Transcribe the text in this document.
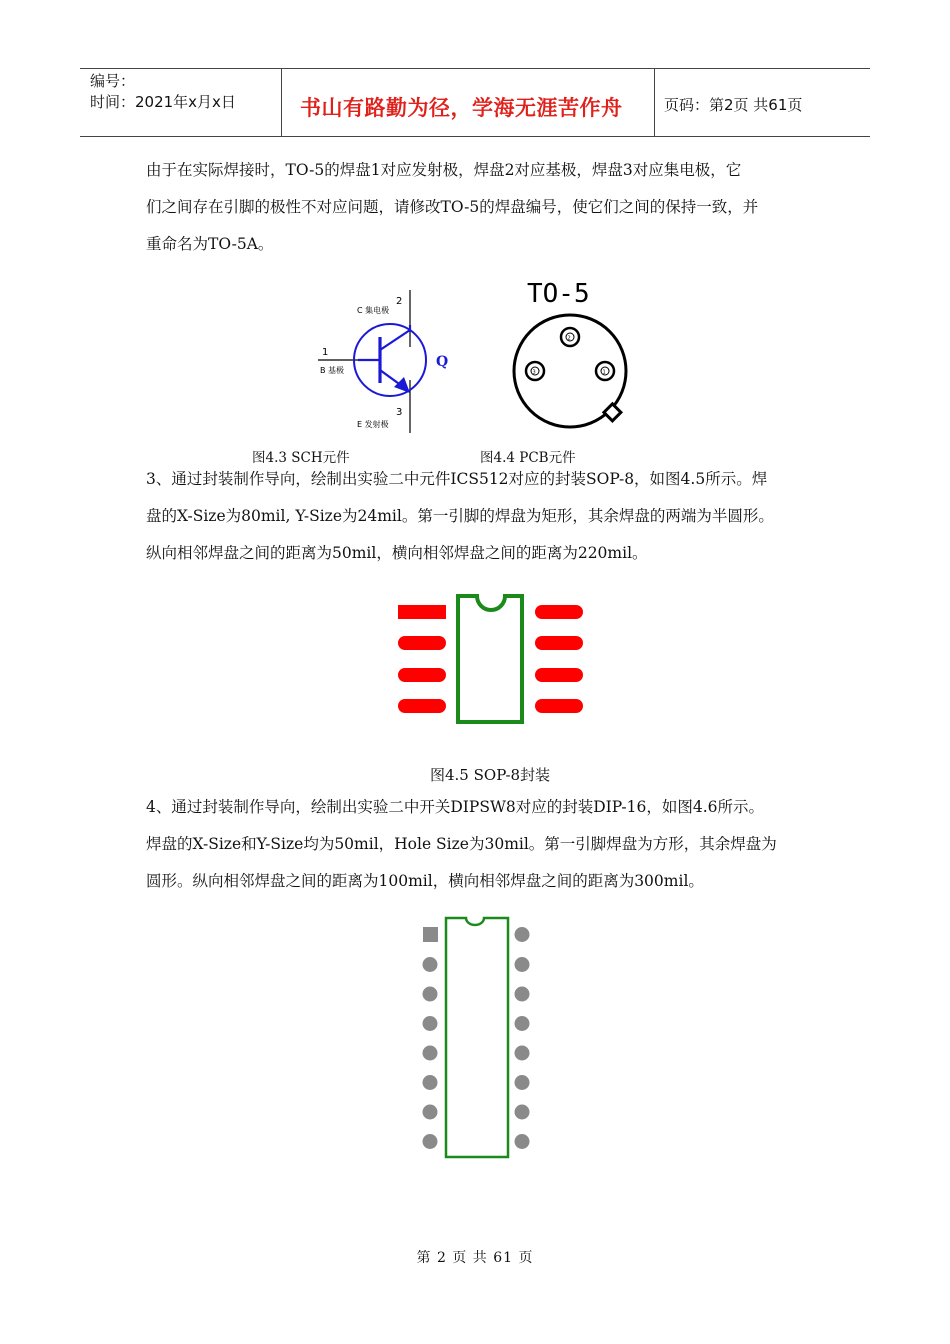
编号：
时间：2021年x月x日	书山有路勤为径，学海无涯苦作舟	页码：第2页 共61页

由于在实际焊接时，TO-5的焊盘1对应发射极，焊盘2对应基极，焊盘3对应集电极，它

们之间存在引脚的极性不对应问题，请修改TO-5的焊盘编号，使它们之间的保持一致，并

重命名为TO-5A。

2
C 集电极
1
B 基极
3
E 发射极
Q
TO-5
2
3	1
图4.3 SCH元件	图4.4 PCB元件

3、通过封装制作导向，绘制出实验二中元件ICS512对应的封装SOP-8，如图4.5所示。焊

盘的X-Size为80mil, Y-Size为24mil。第一引脚的焊盘为矩形，其余焊盘的两端为半圆形。

纵向相邻焊盘之间的距离为50mil，横向相邻焊盘之间的距离为220mil。

图4.5 SOP-8封装

4、通过封装制作导向，绘制出实验二中开关DIPSW8对应的封装DIP-16，如图4.6所示。

焊盘的X-Size和Y-Size均为50mil，Hole Size为30mil。第一引脚焊盘为方形，其余焊盘为

圆形。纵向相邻焊盘之间的距离为100mil，横向相邻焊盘之间的距离为300mil。

第 2 页 共 61 页
